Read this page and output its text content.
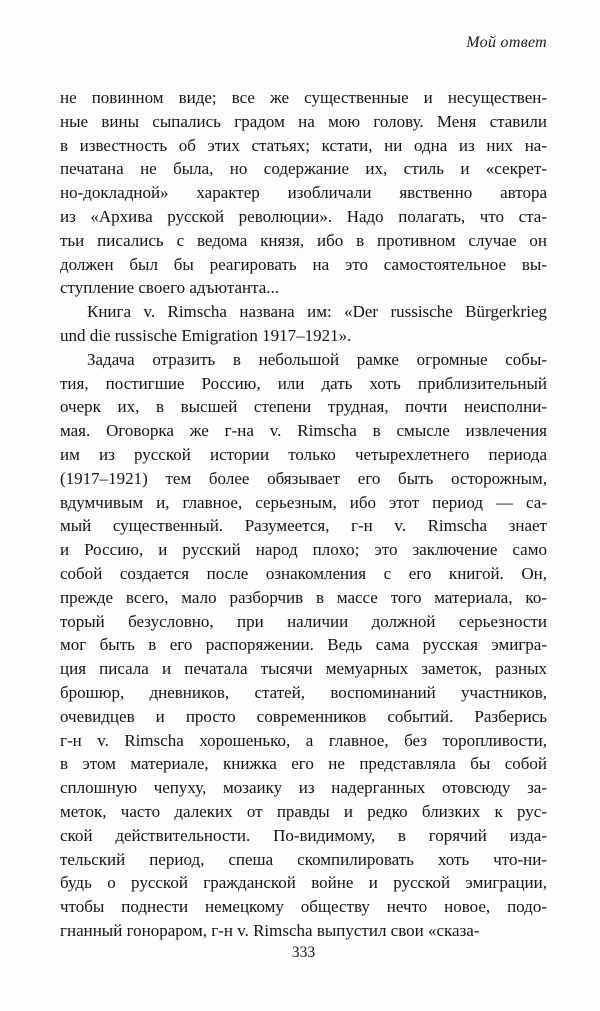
Мой ответ
не повинном виде; все же существенные и несуществен-
ные вины сыпались градом на мою голову. Меня ставили
в известность об этих статьях; кстати, ни одна из них на-
печатана не была, но содержание их, стиль и «секрет-
но-докладной» характер изобличали явственно автора
из «Архива русской революции». Надо полагать, что ста-
тьи писались с ведома князя, ибо в противном случае он
должен был бы реагировать на это самостоятельное вы-
ступление своего адъютанта...
Книга v. Rimscha названа им: «Der russische Bürgerkrieg
und die russische Emigration 1917–1921».
Задача отразить в небольшой рамке огромные собы-
тия, постигшие Россию, или дать хоть приблизительный
очерк их, в высшей степени трудная, почти неисполни-
мая. Оговорка же г-на v. Rimscha в смысле извлечения
им из русской истории только четырехлетнего периода
(1917–1921) тем более обязывает его быть осторожным,
вдумчивым и, главное, серьезным, ибо этот период — са-
мый существенный. Разумеется, г-н v. Rimscha знает
и Россию, и русский народ плохо; это заключение само
собой создается после ознакомления с его книгой. Он,
прежде всего, мало разборчив в массе того материала, ко-
торый безусловно, при наличии должной серьезности
мог быть в его распоряжении. Ведь сама русская эмигра-
ция писала и печатала тысячи мемуарных заметок, разных
брошюр, дневников, статей, воспоминаний участников,
очевидцев и просто современников событий. Разберись
г-н v. Rimscha хорошенько, а главное, без торопливости,
в этом материале, книжка его не представляла бы собой
сплошную чепуху, мозаику из надерганных отовсюду за-
меток, часто далеких от правды и редко близких к рус-
ской действительности. По-видимому, в горячий изда-
тельский период, спеша скомпилировать хоть что-ни-
будь о русской гражданской войне и русской эмиграции,
чтобы поднести немецкому обществу нечто новое, подо-
гнанный гонораром, г-н v. Rimscha выпустил свои «сказа-
333
